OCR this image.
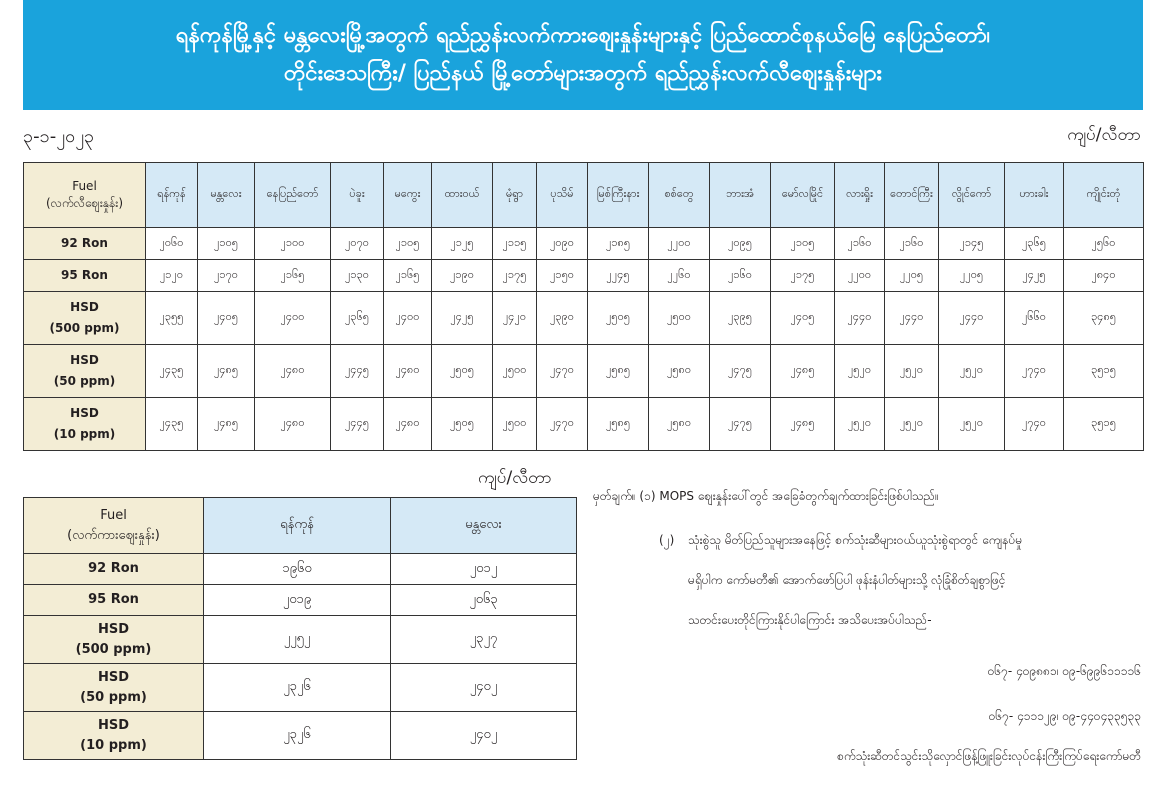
ရန်ကုန်မြို့နှင့် မန္တလေးမြို့အတွက် ရည်ညွှန်းလက်ကားဈေးနှုန်းများနှင့် ပြည်ထောင်စုနယ်မြေ နေပြည်တော်၊
တိုင်းဒေသကြီး/ ပြည်နယ် မြို့တော်များအတွက် ရည်ညွှန်းလက်လီဈေးနှုန်းများ
၃-၁-၂၀၂၃	ကျပ်/လီတာ
Fuel
(လက်လီဈေးနှုန်း)	ရန်ကုန်	မန္တလေး	နေပြည်တော်	ပဲခူး	မကွေး	ထားဝယ်	မုံရွာ	ပုသိမ်	မြစ်ကြီးနား	စစ်တွေ	ဘားအံ	မော်လမြိုင်	လားရှိုး	တောင်ကြီး	လွိုင်ကော်	ဟားခါး	ကျိုင်းတုံ

92 Ron	၂၀၆၀	၂၁၀၅	၂၁၀၀	၂၀၇၀	၂၁၀၅	၂၁၂၅	၂၁၁၅	၂၀၉၀	၂၁၈၅	၂၂၀၀	၂၀၉၅	၂၁၀၅	၂၁၆၀	၂၁၆၀	၂၁၄၅	၂၃၆၅	၂၅၆၀

95 Ron	၂၁၂၀	၂၁၇၀	၂၁၆၅	၂၁၃၀	၂၁၆၅	၂၁၉၀	၂၁၇၅	၂၁၅၀	၂၂၄၅	၂၂၆၀	၂၁၆၀	၂၁၇၅	၂၂၀၀	၂၂၀၅	၂၂၀၅	၂၄၂၅	၂၈၄၀

HSD
(500 ppm)	၂၃၅၅	၂၄၀၅	၂၄၀၀	၂၃၆၅	၂၄၀၀	၂၄၂၅	၂၄၂၀	၂၃၉၀	၂၅၀၅	၂၅၀၀	၂၃၉၅	၂၄၀၅	၂၄၄၀	၂၄၄၀	၂၄၄၀	၂၆၆၀	၃၄၈၅

HSD
(50 ppm)	၂၄၃၅	၂၄၈၅	၂၄၈၀	၂၄၄၅	၂၄၈၀	၂၅၀၅	၂၅၀၀	၂၄၇၀	၂၅၈၅	၂၅၈၀	၂၄၇၅	၂၄၈၅	၂၅၂၀	၂၅၂၀	၂၅၂၀	၂၇၄၀	၃၅၁၅

HSD
(10 ppm)	၂၄၃၅	၂၄၈၅	၂၄၈၀	၂၄၄၅	၂၄၈၀	၂၅၀၅	၂၅၀၀	၂၄၇၀	၂၅၈၅	၂၅၈၀	၂၄၇၅	၂၄၈၅	၂၅၂၀	၂၅၂၀	၂၅၂၀	၂၇၄၀	၃၅၁၅
ကျပ်/လီတာ
Fuel
(လက်ကားဈေးနှုန်း)	ရန်ကုန်	မန္တလေး

92 Ron	၁၉၆၀	၂၀၁၂

95 Ron	၂၀၁၉	၂၀၆၃

HSD
(500 ppm)	၂၂၅၂	၂၃၂၇

HSD
(50 ppm)	၂၃၂၆	၂၄၀၂

HSD
(10 ppm)	၂၃၂၆	၂၄၀၂
မှတ်ချက်။ (၁) MOPS ဈေးနှုန်းပေါ်တွင် အခြေခံတွက်ချက်ထားခြင်းဖြစ်ပါသည်။
(၂) သုံးစွဲသူ မိတ်ပြည်သူများအနေဖြင့် စက်သုံးဆီများဝယ်ယူသုံးစွဲရာတွင် ကျေနပ်မှု
မရှိပါက ကော်မတီ၏ အောက်ဖော်ပြပါ ဖုန်းနံပါတ်များသို့ လုံခြုံစိတ်ချစွာဖြင့်
သတင်းပေးတိုင်ကြားနိုင်ပါကြောင်း အသိပေးအပ်ပါသည်-
၀၆၇- ၄၀၉၈၈၁၊ ၀၉-၆၉၉၆၁၁၁၁၆
၀၆၇- ၄၁၁၁၂၉၊ ၀၉-၄၄၀၄၃၃၅၃၃
စက်သုံးဆီတင်သွင်းသိုလှောင်ဖြန့်ဖြူးခြင်းလုပ်ငန်းကြီးကြပ်ရေးကော်မတီ
